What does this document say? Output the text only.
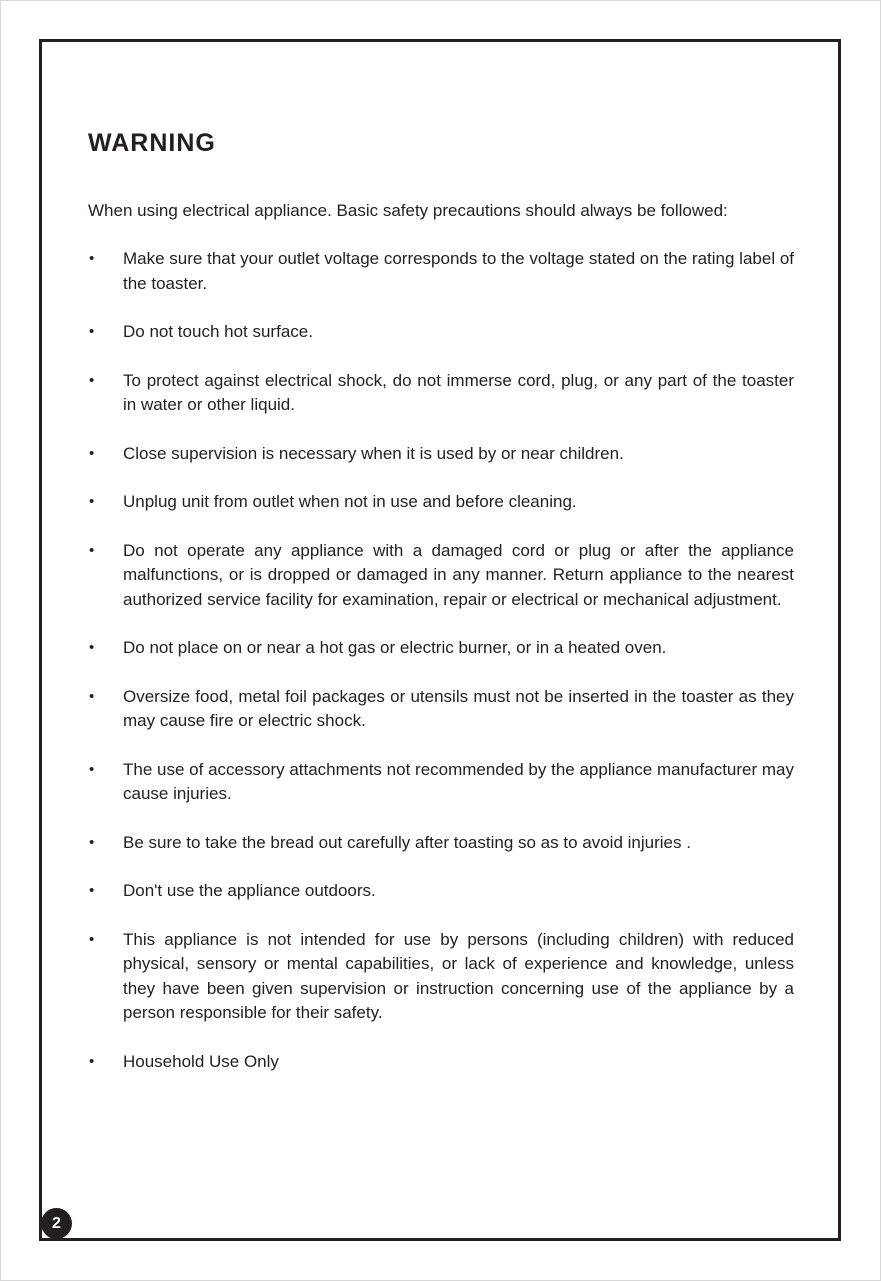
WARNING

When using electrical appliance. Basic safety precautions should always be followed:

• Make sure that your outlet voltage corresponds to the voltage stated on the rating label of the toaster.
• Do not touch hot surface.
• To protect against electrical shock, do not immerse cord, plug, or any part of the toaster in water or other liquid.
• Close supervision is necessary when it is used by or near children.
• Unplug unit from outlet when not in use and before cleaning.
• Do not operate any appliance with a damaged cord or plug or after the appliance malfunctions, or is dropped or damaged in any manner. Return appliance to the nearest authorized service facility for examination, repair or electrical or mechanical adjustment.
• Do not place on or near a hot gas or electric burner, or in a heated oven.
• Oversize food, metal foil packages or utensils must not be inserted in the toaster as they may cause fire or electric shock.
• The use of accessory attachments not recommended by the appliance manufacturer may cause injuries.
• Be sure to take the bread out carefully after toasting so as to avoid injuries .
• Don't use the appliance outdoors.
• This appliance is not intended for use by persons (including children) with reduced physical, sensory or mental capabilities, or lack of experience and knowledge, unless they have been given supervision or instruction concerning use of the appliance by a person responsible for their safety.
• Household Use Only
2
